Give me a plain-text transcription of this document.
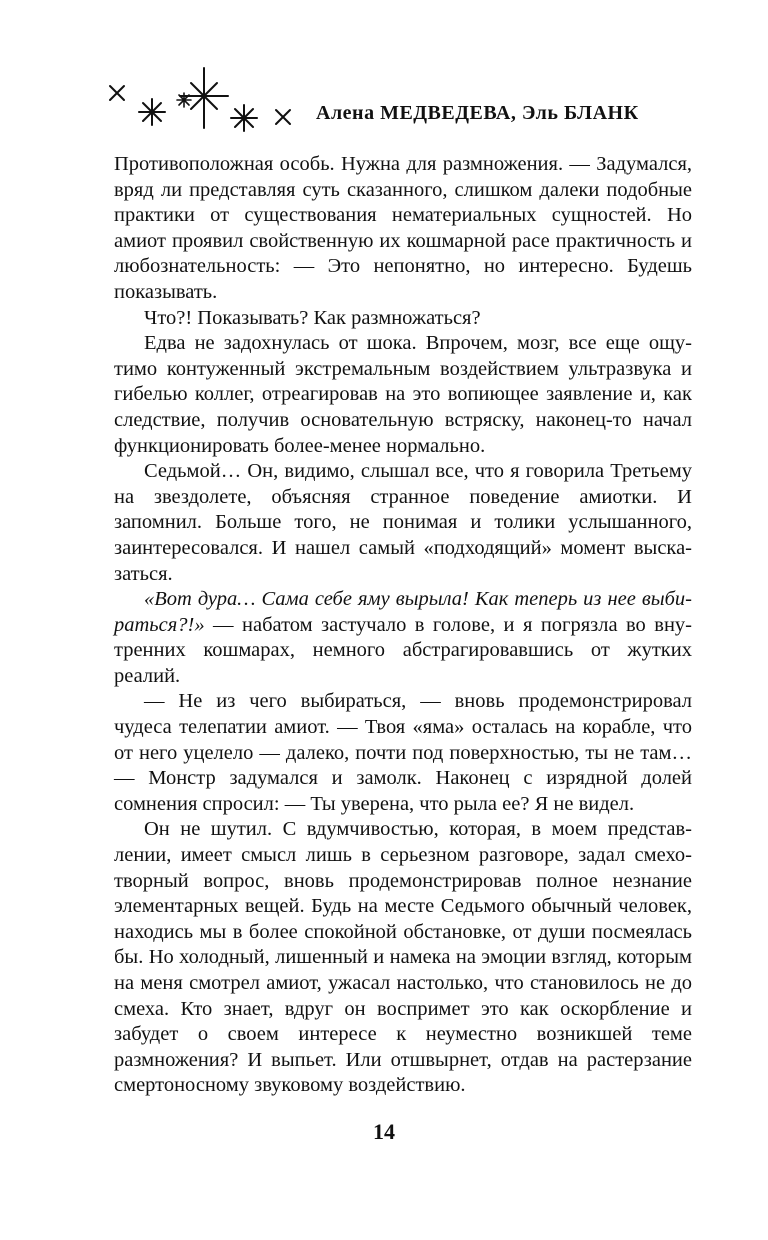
Алена МЕДВЕДЕВА, Эль БЛАНК

Противоположная особь. Нужна для размножения. — Задумался, вряд ли представляя суть сказанного, слишком далеки подобные практики от существования нематериальных сущностей. Но амиот проявил свойственную их кошмарной расе практичность и любознательность: — Это непонятно, но интересно. Будешь показывать.

Что?! Показывать? Как размножаться?

Едва не задохнулась от шока. Впрочем, мозг, все еще ощутимо контуженный экстремальным воздействием ультразвука и гибелью коллег, отреагировав на это вопиющее заявление и, как следствие, получив основательную встряску, наконец-то начал функционировать более-менее нормально.

Седьмой… Он, видимо, слышал все, что я говорила Третьему на звездолете, объясняя странное поведение амиотки. И запомнил. Больше того, не понимая и толики услышанного, заинтересовался. И нашел самый «подходящий» момент высказаться.

«Вот дура… Сама себе яму вырыла! Как теперь из нее выбираться?!» — набатом застучало в голове, и я погрязла во внутренних кошмарах, немного абстрагировавшись от жутких реалий.

— Не из чего выбираться, — вновь продемонстрировал чудеса телепатии амиот. — Твоя «яма» осталась на корабле, что от него уцелело — далеко, почти под поверхностью, ты не там… — Монстр задумался и замолк. Наконец с изрядной долей сомнения спросил: — Ты уверена, что рыла ее? Я не видел.

Он не шутил. С вдумчивостью, которая, в моем представлении, имеет смысл лишь в серьезном разговоре, задал смехотворный вопрос, вновь продемонстрировав полное незнание элементарных вещей. Будь на месте Седьмого обычный человек, находись мы в более спокойной обстановке, от души посмеялась бы. Но холодный, лишенный и намека на эмоции взгляд, которым на меня смотрел амиот, ужасал настолько, что становилось не до смеха. Кто знает, вдруг он воспримет это как оскорбление и забудет о своем интересе к неуместно возникшей теме размножения? И выпьет. Или отшвырнет, отдав на растерзание смертоносному звуковому воздействию.

14
